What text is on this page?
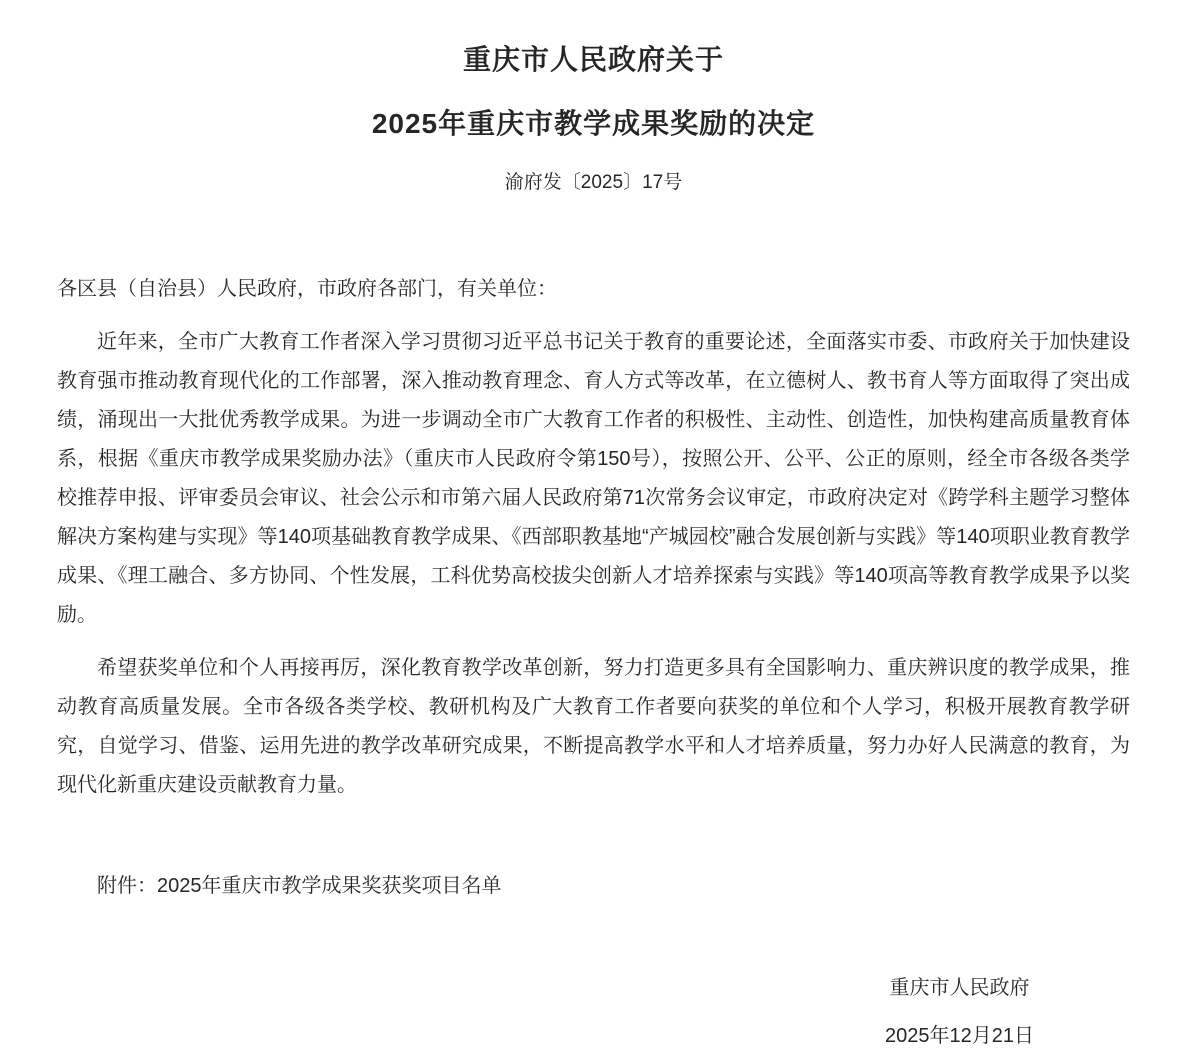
重庆市人民政府关于
2025年重庆市教学成果奖励的决定
渝府发〔2025〕17号
各区县（自治县）人民政府，市政府各部门，有关单位：

近年来，全市广大教育工作者深入学习贯彻习近平总书记关于教育的重要论述，全面落实市委、市政府关于加快建设教育强市推动教育现代化的工作部署，深入推动教育理念、育人方式等改革，在立德树人、教书育人等方面取得了突出成绩，涌现出一大批优秀教学成果。为进一步调动全市广大教育工作者的积极性、主动性、创造性，加快构建高质量教育体系，根据《重庆市教学成果奖励办法》（重庆市人民政府令第150号），按照公开、公平、公正的原则，经全市各级各类学校推荐申报、评审委员会审议、社会公示和市第六届人民政府第71次常务会议审定，市政府决定对《跨学科主题学习整体解决方案构建与实现》等140项基础教育教学成果、《西部职教基地“产城园校”融合发展创新与实践》等140项职业教育教学成果、《理工融合、多方协同、个性发展，工科优势高校拔尖创新人才培养探索与实践》等140项高等教育教学成果予以奖励。

希望获奖单位和个人再接再厉，深化教育教学改革创新，努力打造更多具有全国影响力、重庆辨识度的教学成果，推动教育高质量发展。全市各级各类学校、教研机构及广大教育工作者要向获奖的单位和个人学习，积极开展教育教学研究，自觉学习、借鉴、运用先进的教学改革研究成果，不断提高教学水平和人才培养质量，努力办好人民满意的教育，为现代化新重庆建设贡献教育力量。

附件：2025年重庆市教学成果奖获奖项目名单
重庆市人民政府
2025年12月21日
